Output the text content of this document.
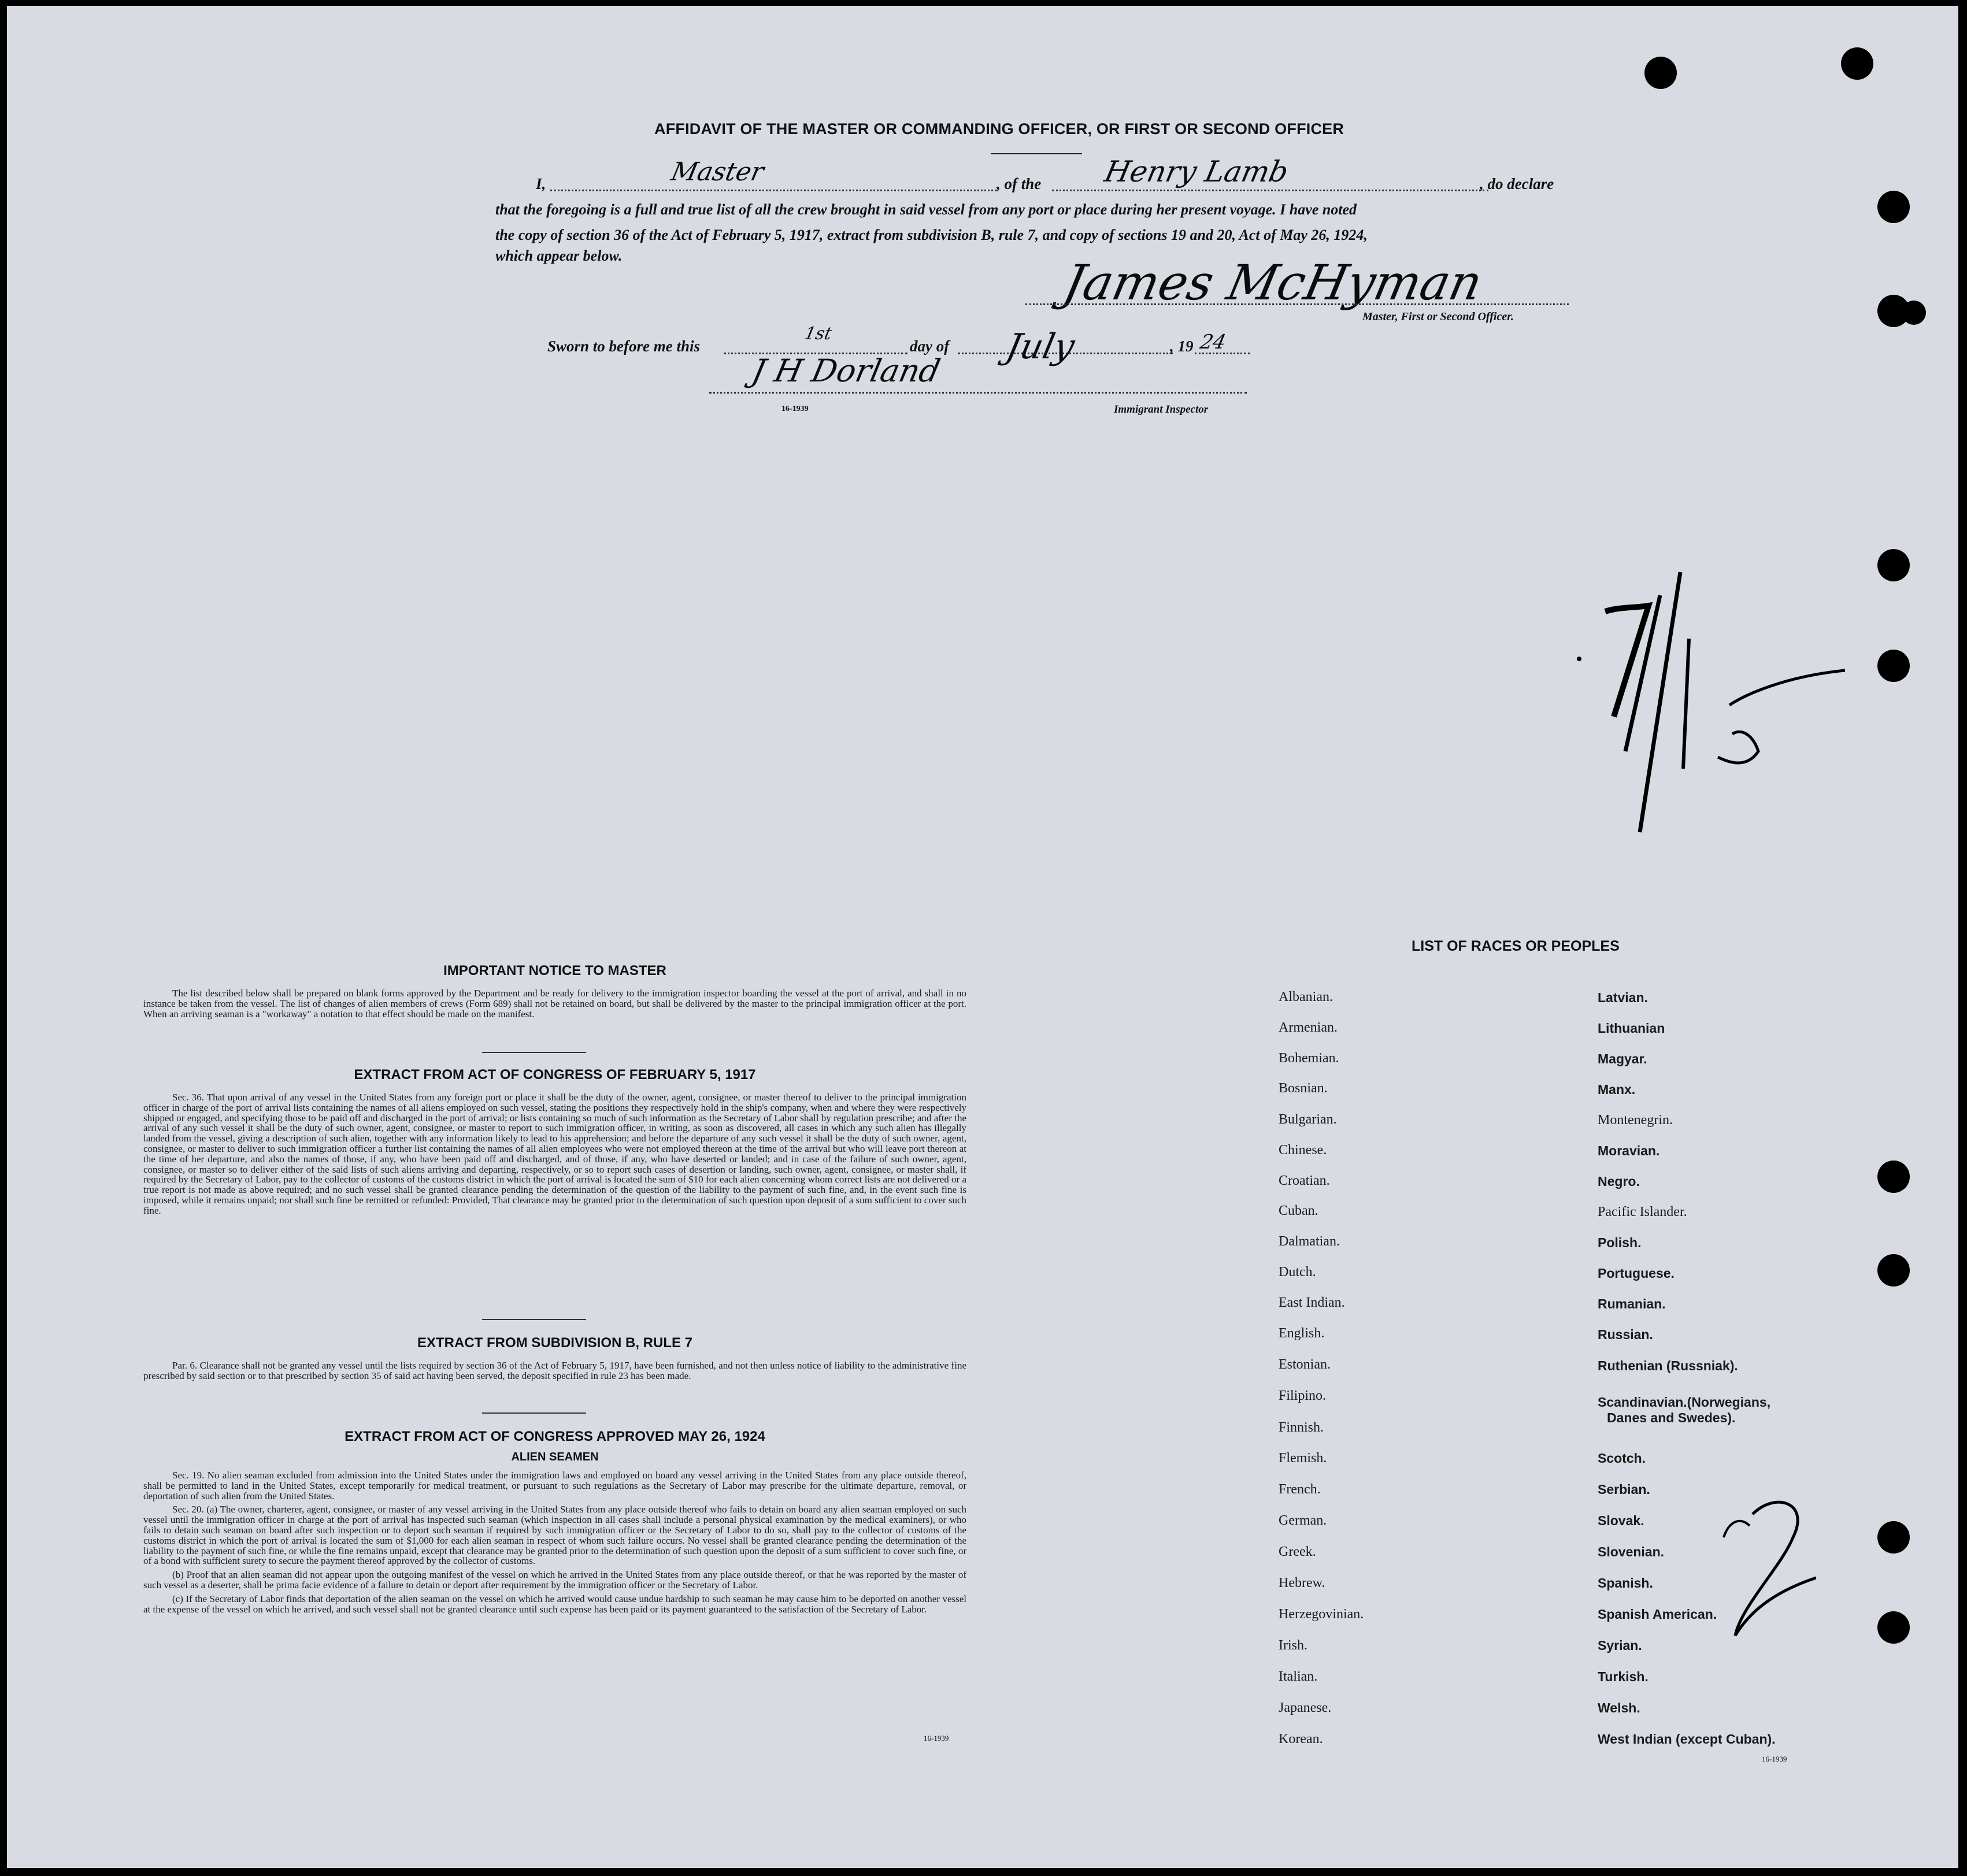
AFFIDAVIT OF THE MASTER OR COMMANDING OFFICER, OR FIRST OR SECOND OFFICER
I,	Master	, of the Henry Lamb	, do declare
that the foregoing is a full and true list of all the crew brought in said vessel from any port or place during her present voyage. I have noted
the copy of section 36 of the Act of February 5, 1917, extract from subdivision B, rule 7, and copy of sections 19 and 20, Act of May 26, 1924,
which appear below.	James McHyman
Master, First or Second Officer.
Sworn to before me this
1st
day of July	, 19 24
J H Dorland
16-1939	Immigrant Inspector
IMPORTANT NOTICE TO MASTER

The list described below shall be prepared on blank forms approved by the Department and be ready for delivery to the immigration inspector boarding the vessel at the port of arrival, and shall in no instance be taken from the vessel. The list of changes of alien members of crews (Form 689) shall not be retained on board, but shall be delivered by the master to the principal immigration officer at the port. When an arriving seaman is a "workaway" a notation to that effect should be made on the manifest.

EXTRACT FROM ACT OF CONGRESS OF FEBRUARY 5, 1917

Sec. 36. That upon arrival of any vessel in the United States from any foreign port or place it shall be the duty of the owner, agent, consignee, or master thereof to deliver to the principal immigration officer in charge of the port of arrival lists containing the names of all aliens employed on such vessel, stating the positions they respectively hold in the ship's company, when and where they were respectively shipped or engaged, and specifying those to be paid off and discharged in the port of arrival; or lists containing so much of such information as the Secretary of Labor shall by regulation prescribe; and after the arrival of any such vessel it shall be the duty of such owner, agent, consignee, or master to report to such immigration officer, in writing, as soon as discovered, all cases in which any such alien has illegally landed from the vessel, giving a description of such alien, together with any information likely to lead to his apprehension; and before the departure of any such vessel it shall be the duty of such owner, agent, consignee, or master to deliver to such immigration officer a further list containing the names of all alien employees who were not employed thereon at the time of the arrival but who will leave port thereon at the time of her departure, and also the names of those, if any, who have been paid off and discharged, and of those, if any, who have deserted or landed; and in case of the failure of such owner, agent, consignee, or master so to deliver either of the said lists of such aliens arriving and departing, respectively, or so to report such cases of desertion or landing, such owner, agent, consignee, or master shall, if required by the Secretary of Labor, pay to the collector of customs of the customs district in which the port of arrival is located the sum of $10 for each alien concerning whom correct lists are not delivered or a true report is not made as above required; and no such vessel shall be granted clearance pending the determination of the question of the liability to the payment of such fine, and, in the event such fine is imposed, while it remains unpaid; nor shall such fine be remitted or refunded: Provided, That clearance may be granted prior to the determination of such question upon deposit of a sum sufficient to cover such fine.

EXTRACT FROM SUBDIVISION B, RULE 7

Par. 6. Clearance shall not be granted any vessel until the lists required by section 36 of the Act of February 5, 1917, have been furnished, and not then unless notice of liability to the administrative fine prescribed by said section or to that prescribed by section 35 of said act having been served, the deposit specified in rule 23 has been made.

EXTRACT FROM ACT OF CONGRESS APPROVED MAY 26, 1924
ALIEN SEAMEN

Sec. 19. No alien seaman excluded from admission into the United States under the immigration laws and employed on board any vessel arriving in the United States from any place outside thereof, shall be permitted to land in the United States, except temporarily for medical treatment, or pursuant to such regulations as the Secretary of Labor may prescribe for the ultimate departure, removal, or deportation of such alien from the United States.

Sec. 20. (a) The owner, charterer, agent, consignee, or master of any vessel arriving in the United States from any place outside thereof who fails to detain on board any alien seaman employed on such vessel until the immigration officer in charge at the port of arrival has inspected such seaman (which inspection in all cases shall include a personal physical examination by the medical examiners), or who fails to detain such seaman on board after such inspection or to deport such seaman if required by such immigration officer or the Secretary of Labor to do so, shall pay to the collector of customs of the customs district in which the port of arrival is located the sum of $1,000 for each alien seaman in respect of whom such failure occurs. No vessel shall be granted clearance pending the determination of the liability to the payment of such fine, or while the fine remains unpaid, except that clearance may be granted prior to the determination of such question upon the deposit of a sum sufficient to cover such fine, or of a bond with sufficient surety to secure the payment thereof approved by the collector of customs.

(b) Proof that an alien seaman did not appear upon the outgoing manifest of the vessel on which he arrived in the United States from any place outside thereof, or that he was reported by the master of such vessel as a deserter, shall be prima facie evidence of a failure to detain or deport after requirement by the immigration officer or the Secretary of Labor.

(c) If the Secretary of Labor finds that deportation of the alien seaman on the vessel on which he arrived would cause undue hardship to such seaman he may cause him to be deported on another vessel at the expense of the vessel on which he arrived, and such vessel shall not be granted clearance until such expense has been paid or its payment guaranteed to the satisfaction of the Secretary of Labor.

16-1939
LIST OF RACES OR PEOPLES
Albanian.
Armenian.
Bohemian.
Bosnian.
Bulgarian.
Chinese.
Croatian.
Cuban.
Dalmatian.
Dutch.
East Indian.
English.
Estonian.
Filipino.
Finnish.
Flemish.
French.
German.
Greek.
Hebrew.
Herzegovinian.
Irish.
Italian.
Japanese.
Korean.
Latvian.
Lithuanian
Magyar.
Manx.
Montenegrin.
Moravian.
Negro.
Pacific Islander.
Polish.
Portuguese.
Rumanian.
Russian.
Ruthenian (Russniak).
Scandinavian.(Norwegians,
Danes and Swedes).
Scotch.
Serbian.
Slovak.
Slovenian.
Spanish.
Spanish American.
Syrian.
Turkish.
Welsh.
West Indian (except Cuban).
16-1939
